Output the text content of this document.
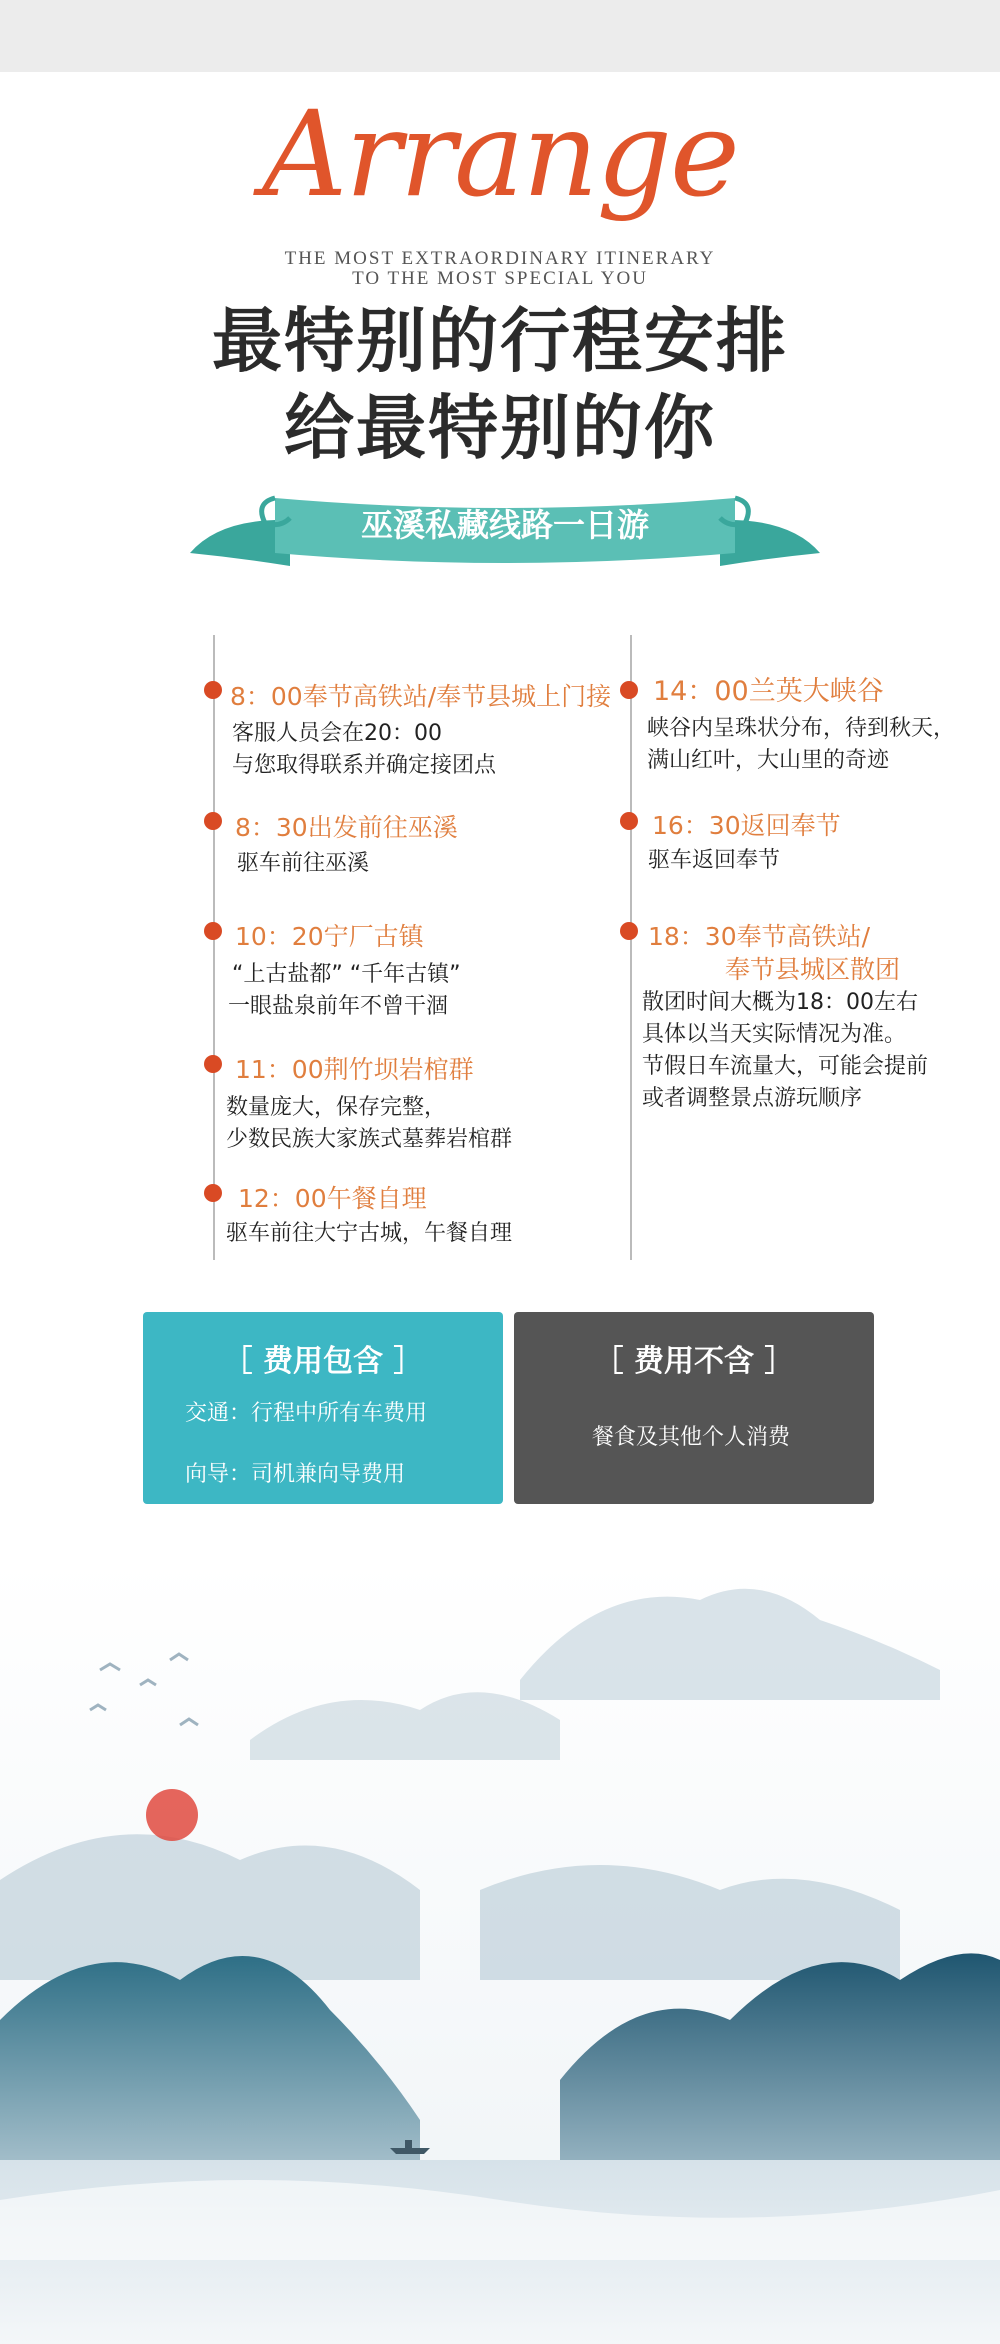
Arrange
THE MOST EXTRAORDINARY ITINERARY
TO THE MOST SPECIAL YOU
最特别的行程安排
给最特别的你
巫溪私藏线路一日游
8：00奉节高铁站/奉节县城上门接
客服人员会在20：00
与您取得联系并确定接团点
8：30出发前往巫溪
驱车前往巫溪
10：20宁厂古镇
“上古盐都” “千年古镇”
一眼盐泉前年不曾干涸
11：00荆竹坝岩棺群
数量庞大，保存完整，
少数民族大家族式墓葬岩棺群
12：00午餐自理
驱车前往大宁古城，午餐自理
14：00兰英大峡谷
峡谷内呈珠状分布，待到秋天，
满山红叶，大山里的奇迹
16：30返回奉节
驱车返回奉节
18：30奉节高铁站/
奉节县城区散团
散团时间大概为18：00左右
具体以当天实际情况为准。
节假日车流量大，可能会提前
或者调整景点游玩顺序
［ 费用包含 ］
交通：行程中所有车费用
向导：司机兼向导费用
［ 费用不含 ］
餐食及其他个人消费
